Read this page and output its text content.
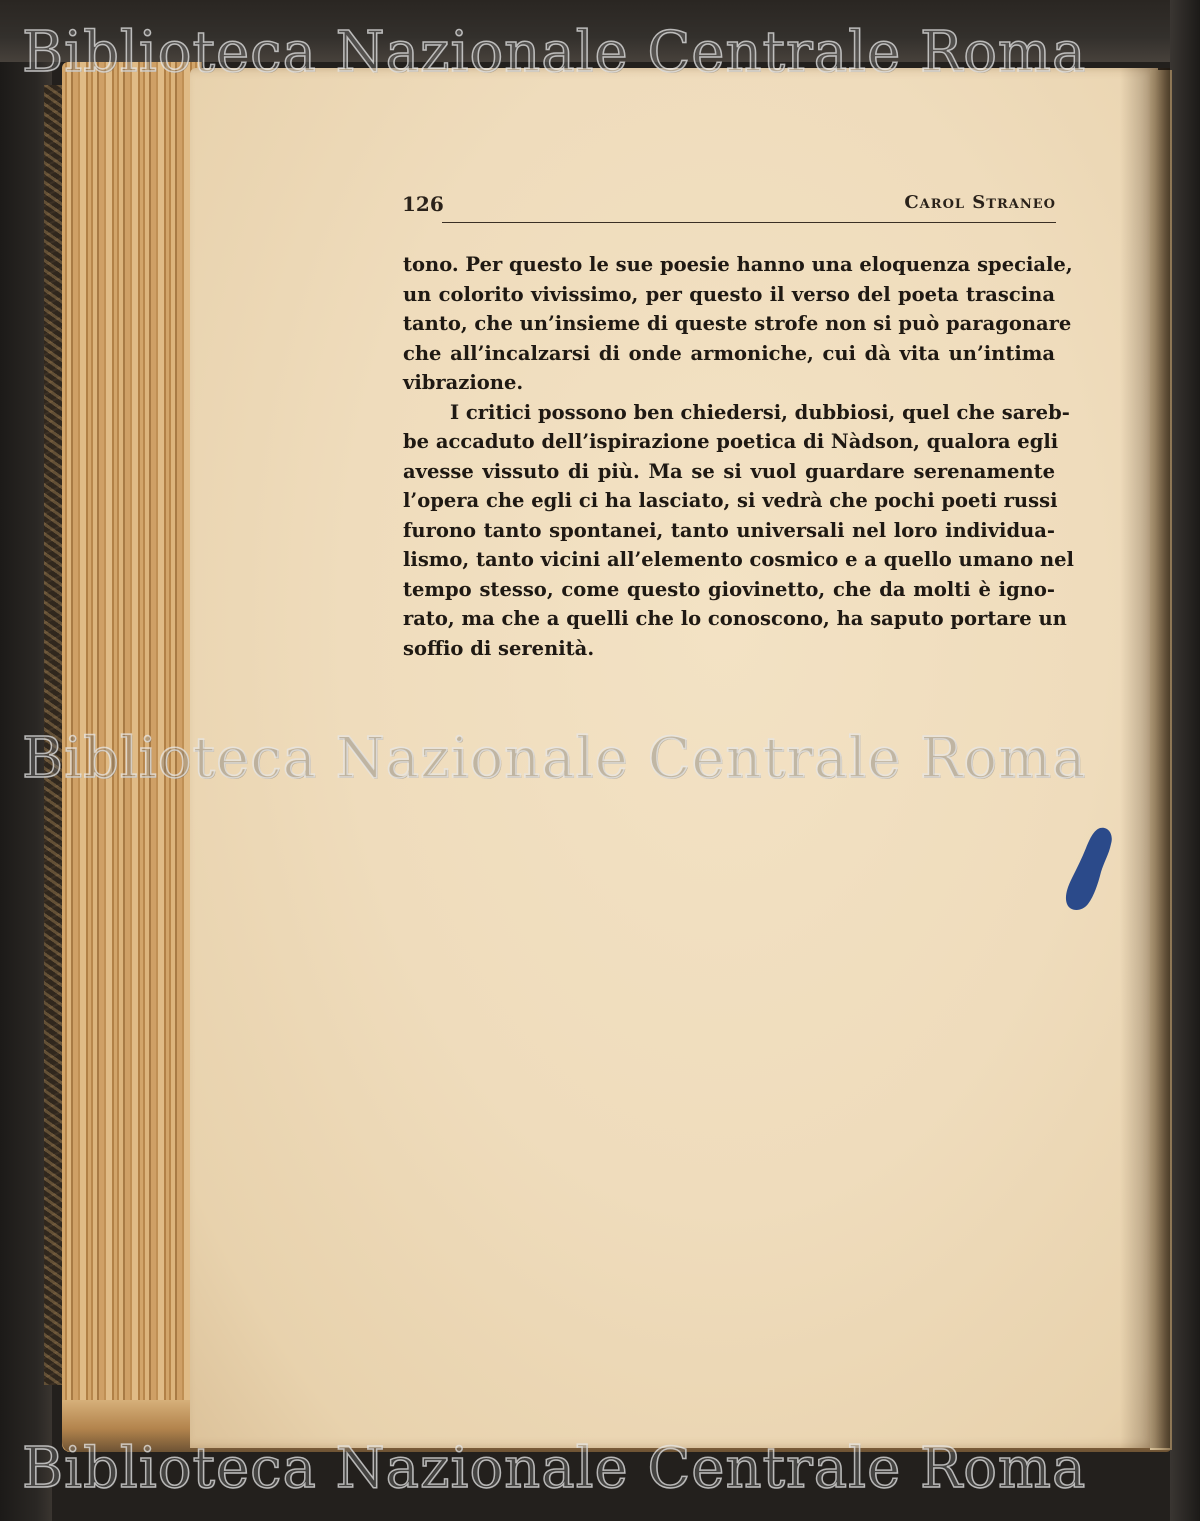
126	Carol Straneo
tono. Per questo le sue poesie hanno una eloquenza speciale,
un colorito vivissimo, per questo il verso del poeta trascina
tanto, che un’insieme di queste strofe non si può paragonare
che all’incalzarsi di onde armoniche, cui dà vita un’intima
vibrazione.
I critici possono ben chiedersi, dubbiosi, quel che sareb-
be accaduto dell’ispirazione poetica di Nàdson, qualora egli
avesse vissuto di più. Ma se si vuol guardare serenamente
l’opera che egli ci ha lasciato, si vedrà che pochi poeti russi
furono tanto spontanei, tanto universali nel loro individua-
lismo, tanto vicini all’elemento cosmico e a quello umano nel
tempo stesso, come questo giovinetto, che da molti è igno-
rato, ma che a quelli che lo conoscono, ha saputo portare un
soffio di serenità.
Biblioteca Nazionale Centrale Roma
Biblioteca Nazionale Centrale Roma
Biblioteca Nazionale Centrale Roma
